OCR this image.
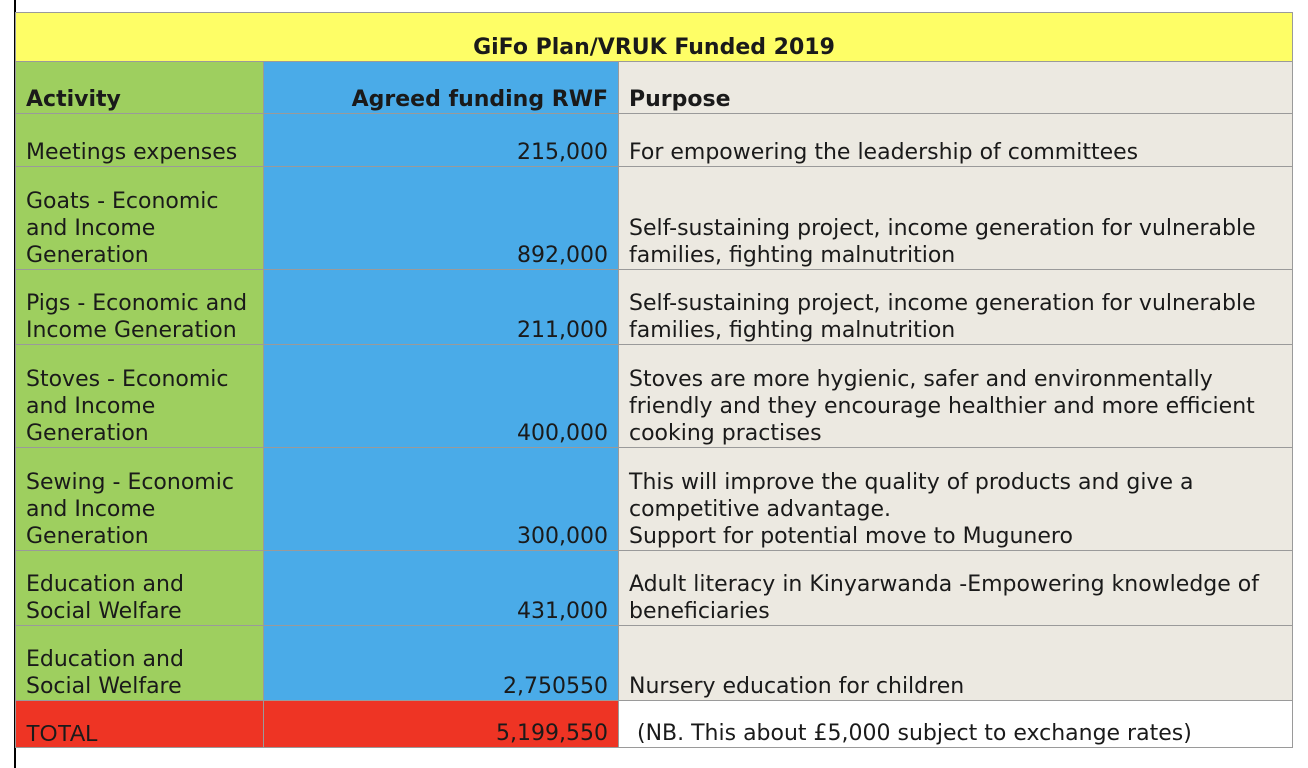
GiFo Plan/VRUK Funded 2019		
Activity	Agreed funding RWF	Purpose
Meetings expenses	215,000	For empowering the leadership of committees
Goats - Economic and Income Generation	892,000	Self-sustaining project, income generation for vulnerable families, fighting malnutrition
Pigs - Economic and Income Generation	211,000	Self-sustaining project, income generation for vulnerable families, fighting malnutrition
Stoves - Economic and Income Generation	400,000	Stoves are more hygienic, safer and environmentally friendly and they encourage healthier and more efficient cooking practises
Sewing - Economic and Income Generation	300,000	This will improve the quality of products and give a competitive advantage.
Support for potential move to Mugunero

Education and Social Welfare	431,000	Adult literacy in Kinyarwanda -Empowering knowledge of beneficiaries
Education and Social Welfare	2,750550	Nursery education for children
TOTAL	5,199,550	(NB. This about £5,000 subject to exchange rates)
